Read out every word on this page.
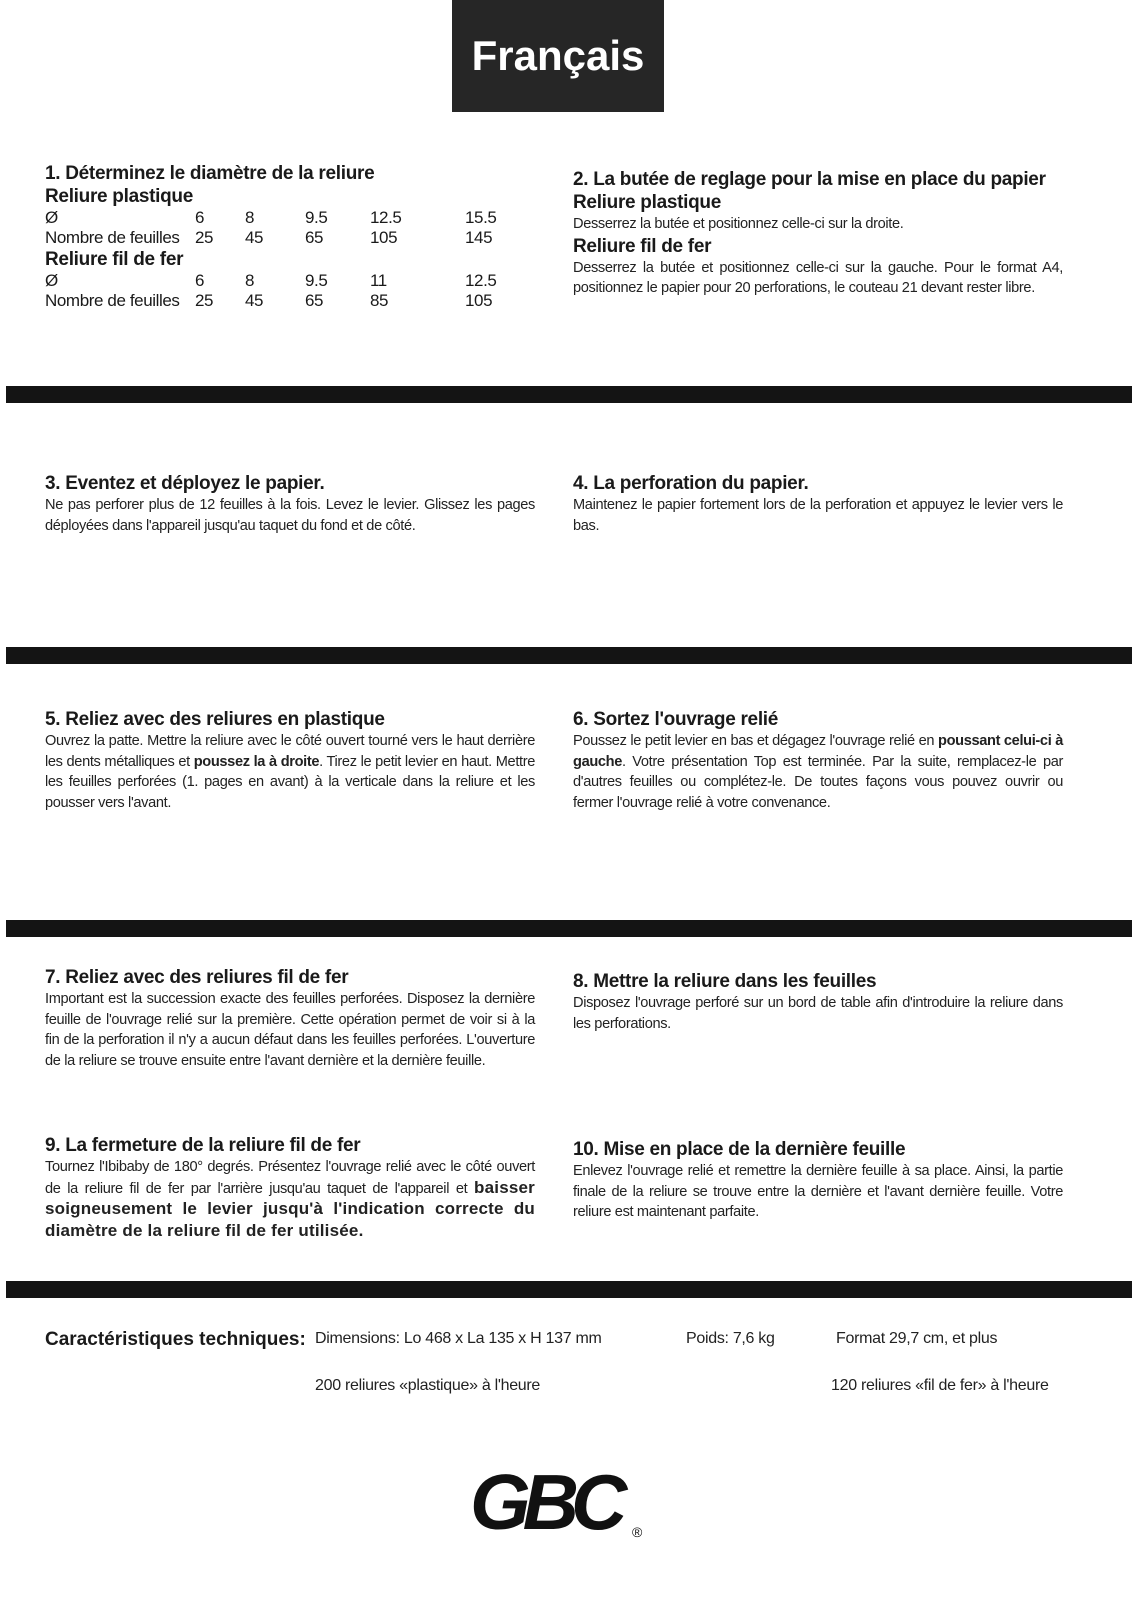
Français

1. Déterminez le diamètre de la reliure

Reliure plastique

Ø	6	8	9.5	12.5	15.5
Nombre de feuilles	25	45	65	105	145

Reliure fil de fer

Ø	6	8	9.5	11	12.5
Nombre de feuilles	25	45	65	85	105

2. La butée de reglage pour la mise en place du papier

Reliure plastique

Desserrez la butée et positionnez celle-ci sur la droite.

Reliure fil de fer

Desserrez la butée et positionnez celle-ci sur la gauche. Pour le format A4, positionnez le papier pour 20 perforations, le couteau 21 devant rester libre.

3. Eventez et déployez le papier.

Ne pas perforer plus de 12 feuilles à la fois. Levez le levier. Glissez les pages déployées dans l'appareil jusqu'au taquet du fond et de côté.

4. La perforation du papier.

Maintenez le papier fortement lors de la perforation et appuyez le levier vers le bas.

5. Reliez avec des reliures en plastique

Ouvrez la patte. Mettre la reliure avec le côté ouvert tourné vers le haut derrière les dents métalliques et poussez la à droite. Tirez le petit levier en haut. Mettre les feuilles perforées (1. pages en avant) à la verticale dans la reliure et les pousser vers l'avant.

6. Sortez l'ouvrage relié

Poussez le petit levier en bas et dégagez l'ouvrage relié en poussant celui-ci à gauche. Votre présentation Top est terminée. Par la suite, remplacez-le par d'autres feuilles ou complétez-le. De toutes façons vous pouvez ouvrir ou fermer l'ouvrage relié à votre convenance.

7. Reliez avec des reliures fil de fer

Important est la succession exacte des feuilles perforées. Disposez la dernière feuille de l'ouvrage relié sur la première. Cette opération permet de voir si à la fin de la perforation il n'y a aucun défaut dans les feuilles perforées. L'ouverture de la reliure se trouve ensuite entre l'avant dernière et la dernière feuille.

8. Mettre la reliure dans les feuilles

Disposez l'ouvrage perforé sur un bord de table afin d'introduire la reliure dans les perforations.

9. La fermeture de la reliure fil de fer

Tournez l'Ibibaby de 180° degrés. Présentez l'ouvrage relié avec le côté ouvert de la reliure fil de fer par l'arrière jusqu'au taquet de l'appareil et baisser soigneusement le levier jusqu'à l'indication correcte du diamètre de la reliure fil de fer utilisée.

10. Mise en place de la dernière feuille

Enlevez l'ouvrage relié et remettre la dernière feuille à sa place. Ainsi, la partie finale de la reliure se trouve entre la dernière et l'avant dernière feuille. Votre reliure est maintenant parfaite.

Caractéristiques techniques: Dimensions: Lo 468 x La 135 x H 137 mm	Poids: 7,6 kg	Format 29,7 cm, et plus
200 reliures «plastique» à l'heure	120 reliures «fil de fer» à l'heure
GBC ®
